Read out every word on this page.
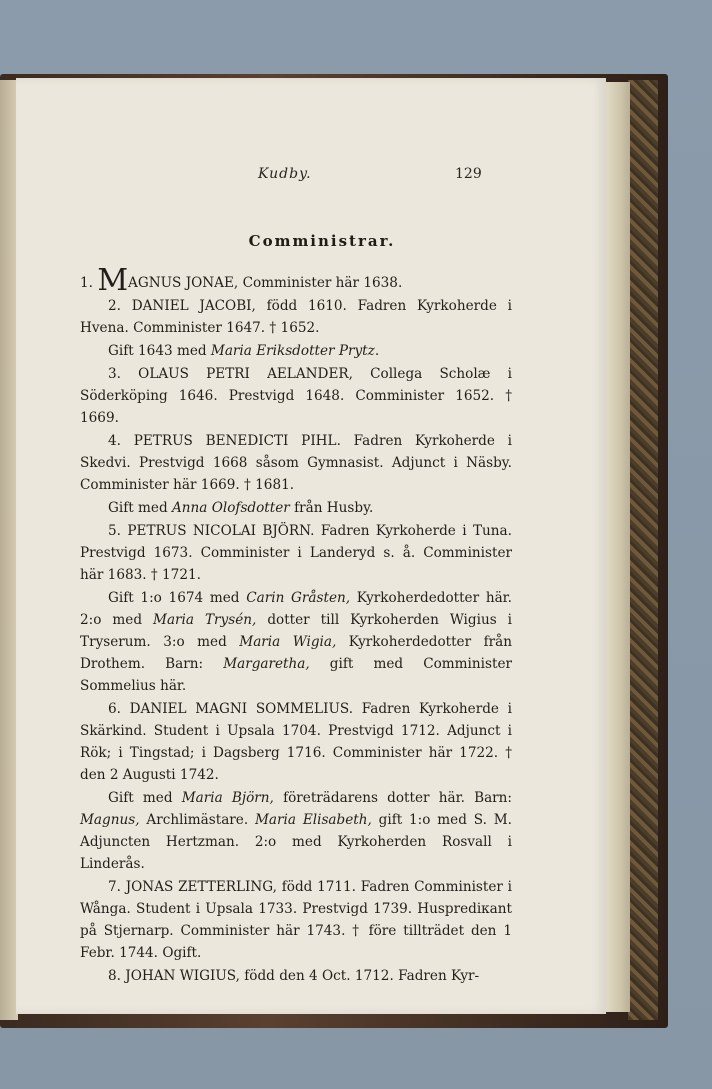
Kudby.	129
Comministrar.

1. MAGNUS JONAE, Comminister här 1638.

2. DANIEL JACOBI, född 1610. Fadren Kyrkoherde i Hvena. Comminister 1647. † 1652.

Gift 1643 med Maria Eriksdotter Prytz.

3. OLAUS PETRI AELANDER, Collega Scholæ i Söderköping 1646. Prestvigd 1648. Comminister 1652. † 1669.

4. PETRUS BENEDICTI PIHL. Fadren Kyrkoherde i Skedvi. Prestvigd 1668 såsom Gymnasist. Adjunct i Näsby. Comminister här 1669. † 1681.

Gift med Anna Olofsdotter från Husby.

5. PETRUS NICOLAI BJÖRN. Fadren Kyrkoherde i Tuna. Prestvigd 1673. Comminister i Landeryd s. å. Comminister här 1683. † 1721.

Gift 1:o 1674 med Carin Gråsten, Kyrkoherdedotter här. 2:o med Maria Trysén, dotter till Kyrkoherden Wigius i Tryserum. 3:o med Maria Wigia, Kyrkoherdedotter från Drothem. Barn: Margaretha, gift med Comminister Sommelius här.

6. DANIEL MAGNI SOMMELIUS. Fadren Kyrkoherde i Skärkind. Student i Upsala 1704. Prestvigd 1712. Adjunct i Rök; i Tingstad; i Dagsberg 1716. Comminister här 1722. † den 2 Augusti 1742.

Gift med Maria Björn, företrädarens dotter här. Barn: Magnus, Archlimästare. Maria Elisabeth, gift 1:o med S. M. Adjuncten Hertzman. 2:o med Kyrkoherden Rosvall i Linderås.

7. JONAS ZETTERLING, född 1711. Fadren Comminister i Wånga. Student i Upsala 1733. Prestvigd 1739. Husprediкant på Stjernarp. Comminister här 1743. † före tillträdet den 1 Febr. 1744. Ogift.

8. JOHAN WIGIUS, född den 4 Oct. 1712. Fadren Kyr-
